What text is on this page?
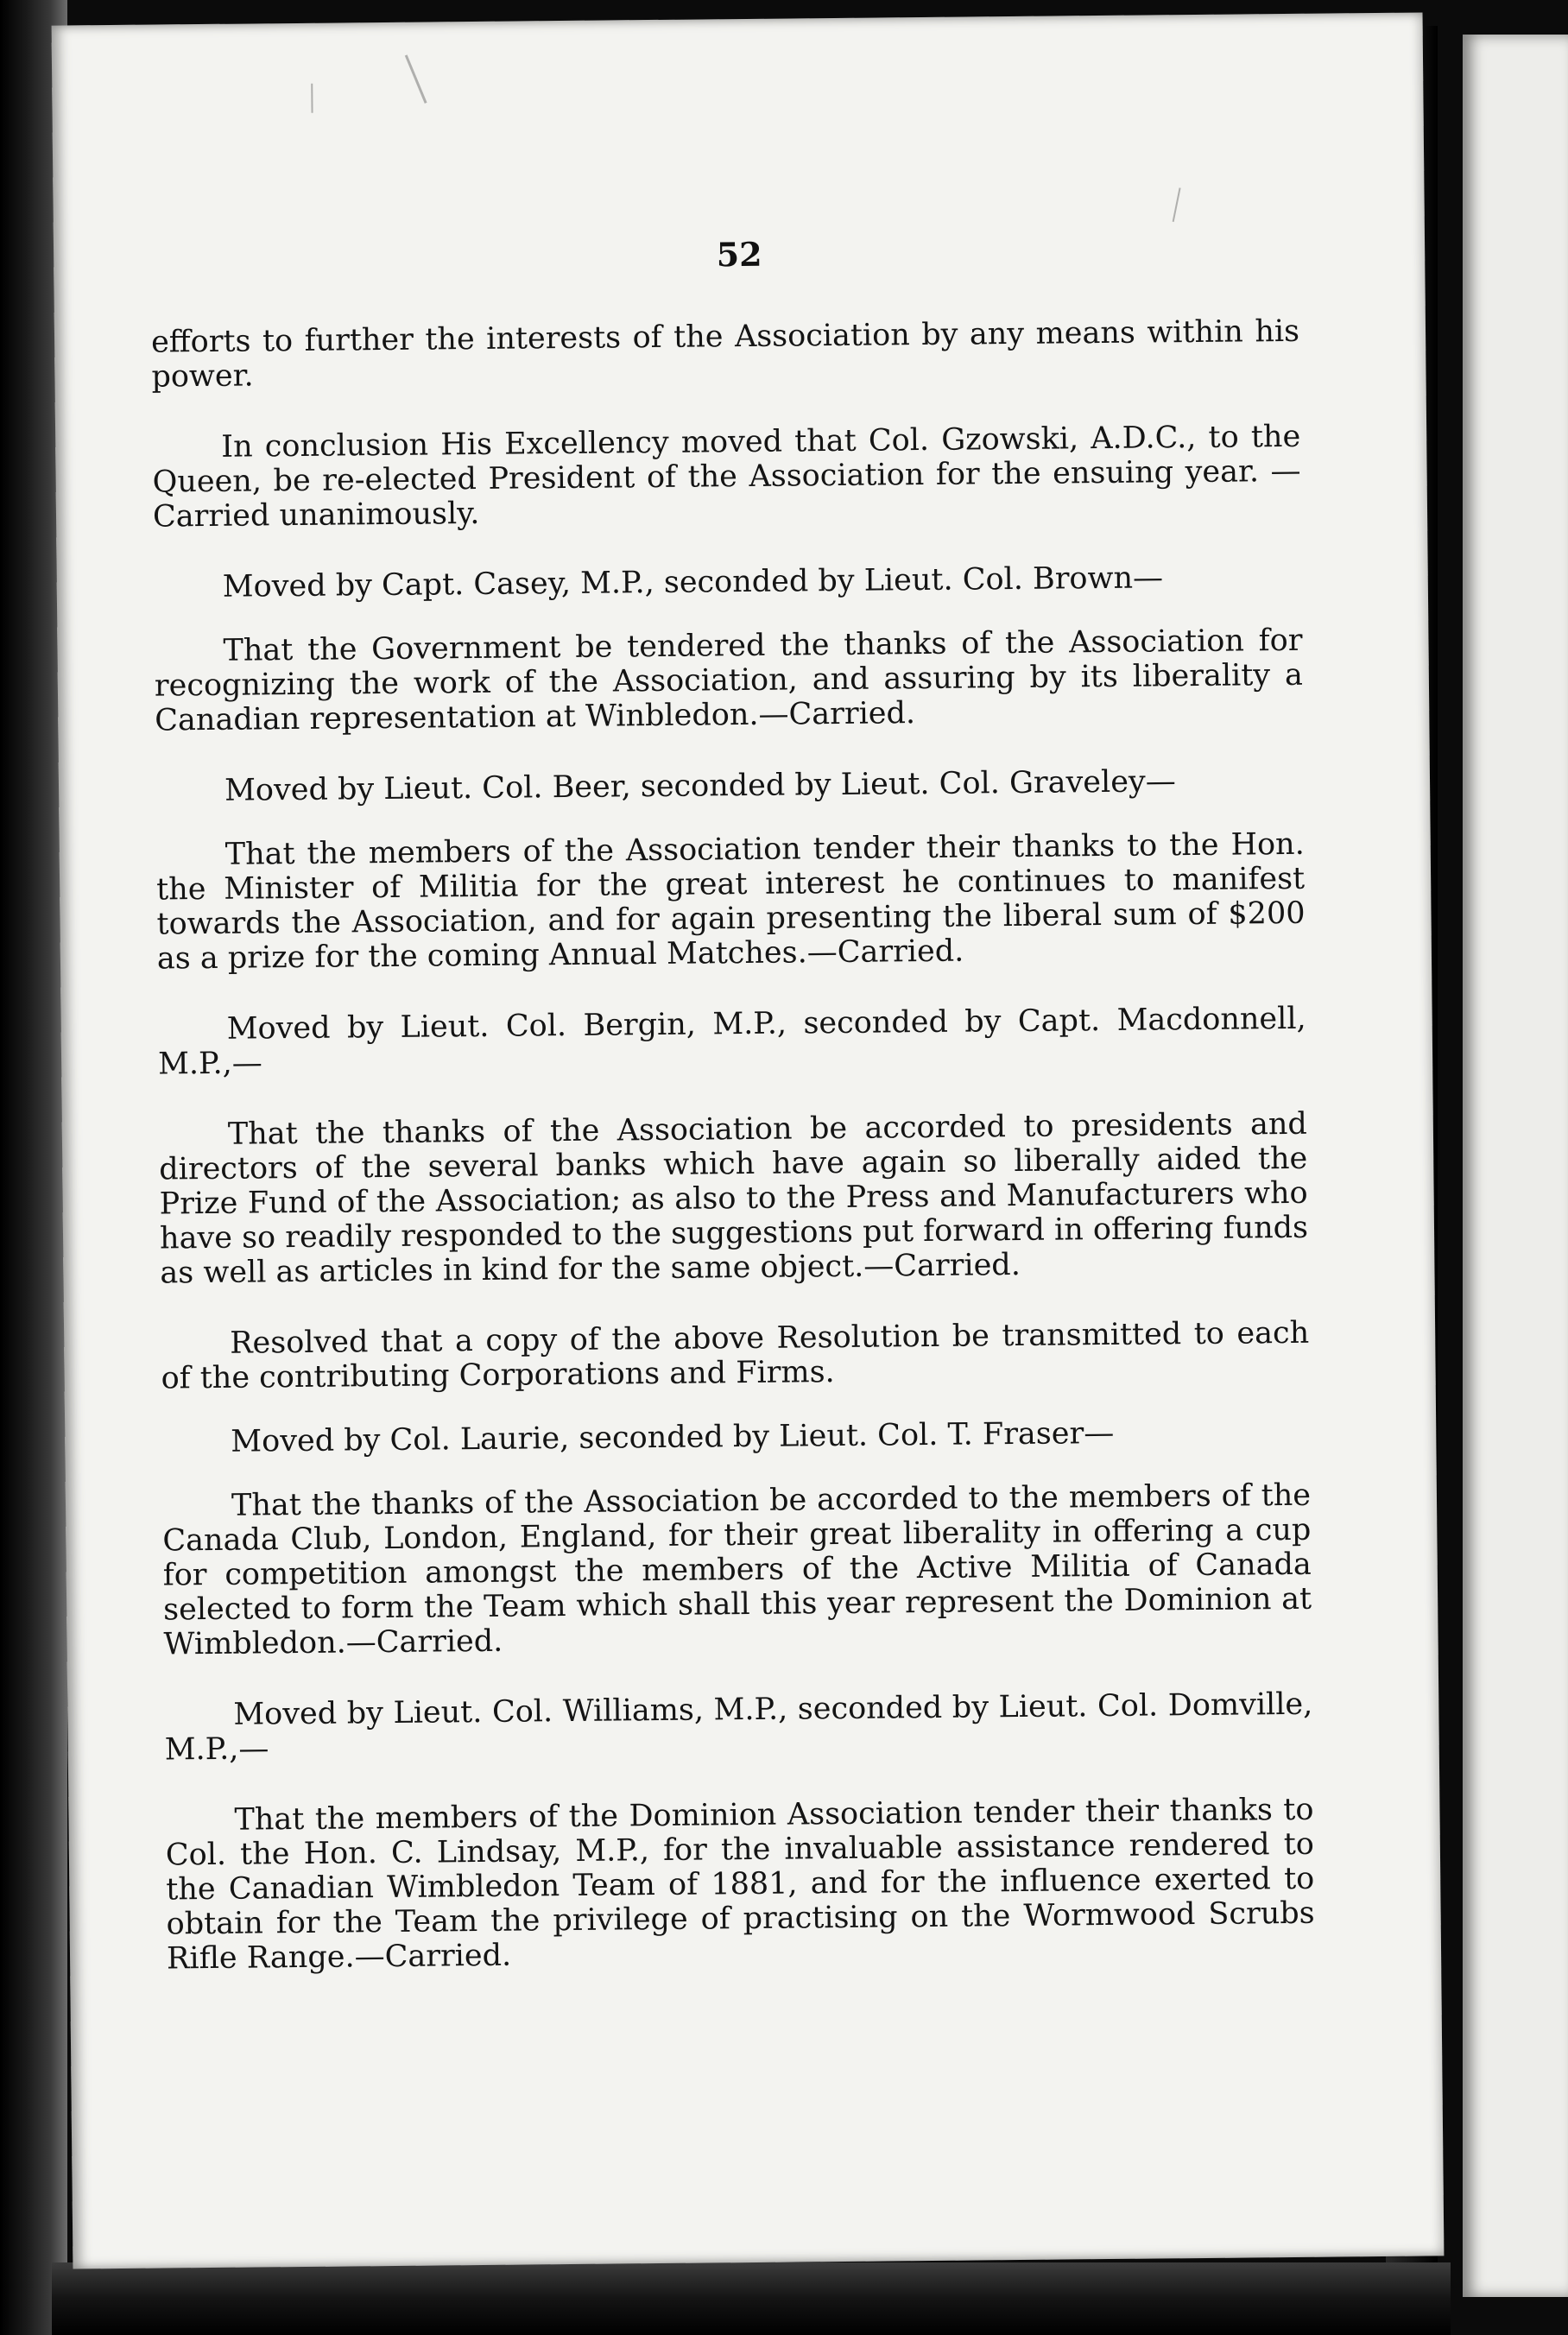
52

efforts to further the interests of the Association by any means within his power.

In conclusion His Excellency moved that Col. Gzowski, A.D.C., to the Queen, be re-elected President of the Association for the ensuing year. —Carried unanimously.

Moved by Capt. Casey, M.P., seconded by Lieut. Col. Brown—

That the Government be tendered the thanks of the Association for recognizing the work of the Association, and assuring by its liberality a Canadian representation at Winbledon.—Carried.

Moved by Lieut. Col. Beer, seconded by Lieut. Col. Graveley—

That the members of the Association tender their thanks to the Hon. the Minister of Militia for the great interest he continues to manifest towards the Association, and for again presenting the liberal sum of $200 as a prize for the coming Annual Matches.—Carried.

Moved by Lieut. Col. Bergin, M.P., seconded by Capt. Macdonnell, M.P.,—

That the thanks of the Association be accorded to presidents and directors of the several banks which have again so liberally aided the Prize Fund of the Association; as also to the Press and Manufacturers who have so readily responded to the suggestions put forward in offering funds as well as articles in kind for the same object.—Carried.

Resolved that a copy of the above Resolution be transmitted to each of the contributing Corporations and Firms.

Moved by Col. Laurie, seconded by Lieut. Col. T. Fraser—

That the thanks of the Association be accorded to the members of the Canada Club, London, England, for their great liberality in offering a cup for competition amongst the members of the Active Militia of Canada selected to form the Team which shall this year represent the Dominion at Wimbledon.—Carried.

Moved by Lieut. Col. Williams, M.P., seconded by Lieut. Col. Domville, M.P.,—

That the members of the Dominion Association tender their thanks to Col. the Hon. C. Lindsay, M.P., for the invaluable assistance rendered to the Canadian Wimbledon Team of 1881, and for the influence exerted to obtain for the Team the privilege of practising on the Wormwood Scrubs Rifle Range.—Carried.
